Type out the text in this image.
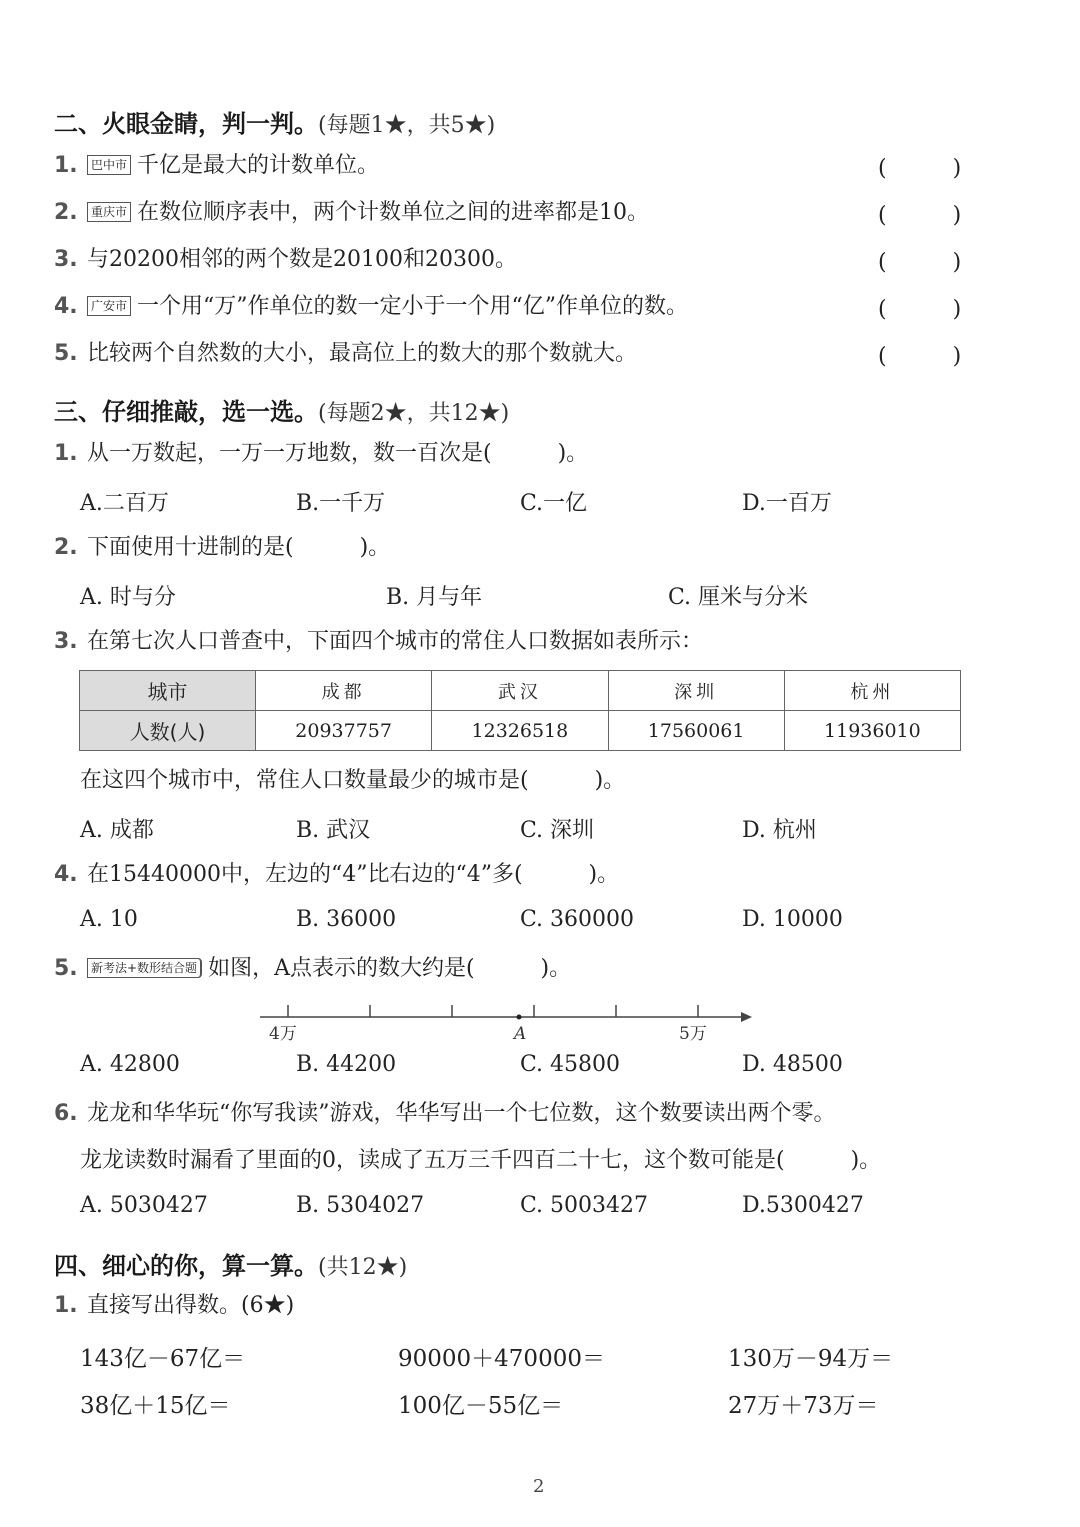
二、火眼金睛，判一判。(每题1★，共5★)
1. 巴中市 千亿是最大的计数单位。	(　　　)
2. 重庆市 在数位顺序表中，两个计数单位之间的进率都是10。	(　　　)
3. 与20200相邻的两个数是20100和20300。	(　　　)
4. 广安市 一个用“万”作单位的数一定小于一个用“亿”作单位的数。	(　　　)
5. 比较两个自然数的大小，最高位上的数大的那个数就大。	(　　　)
三、仔细推敲，选一选。(每题2★，共12★)
1. 从一万数起，一万一万地数，数一百次是(　　　)。
A.二百万	B.一千万	C.一亿	D.一百万
2. 下面使用十进制的是(　　　)。
A. 时与分	B. 月与年	C. 厘米与分米
3. 在第七次人口普查中，下面四个城市的常住人口数据如表所示：
城市	成都	武汉	深圳	杭州
人数(人)	20937757	12326518	17560061	11936010
在这四个城市中，常住人口数量最少的城市是(　　　)。
A. 成都	B. 武汉	C. 深圳	D. 杭州
4. 在15440000中，左边的“4”比右边的“4”多(　　　)。
A. 10	B. 36000	C. 360000	D. 10000
5. 新考法+数形结合题 如图，A点表示的数大约是(　　　)。
4万	A	5万
A. 42800	B. 44200	C. 45800	D. 48500
6. 龙龙和华华玩“你写我读”游戏，华华写出一个七位数，这个数要读出两个零。
龙龙读数时漏看了里面的0，读成了五万三千四百二十七，这个数可能是(　　　)。
A. 5030427	B. 5304027	C. 5003427	D.5300427
四、细心的你，算一算。(共12★)
1. 直接写出得数。(6★)
143亿－67亿＝	90000＋470000＝	130万－94万＝
38亿＋15亿＝	100亿－55亿＝	27万＋73万＝
2
